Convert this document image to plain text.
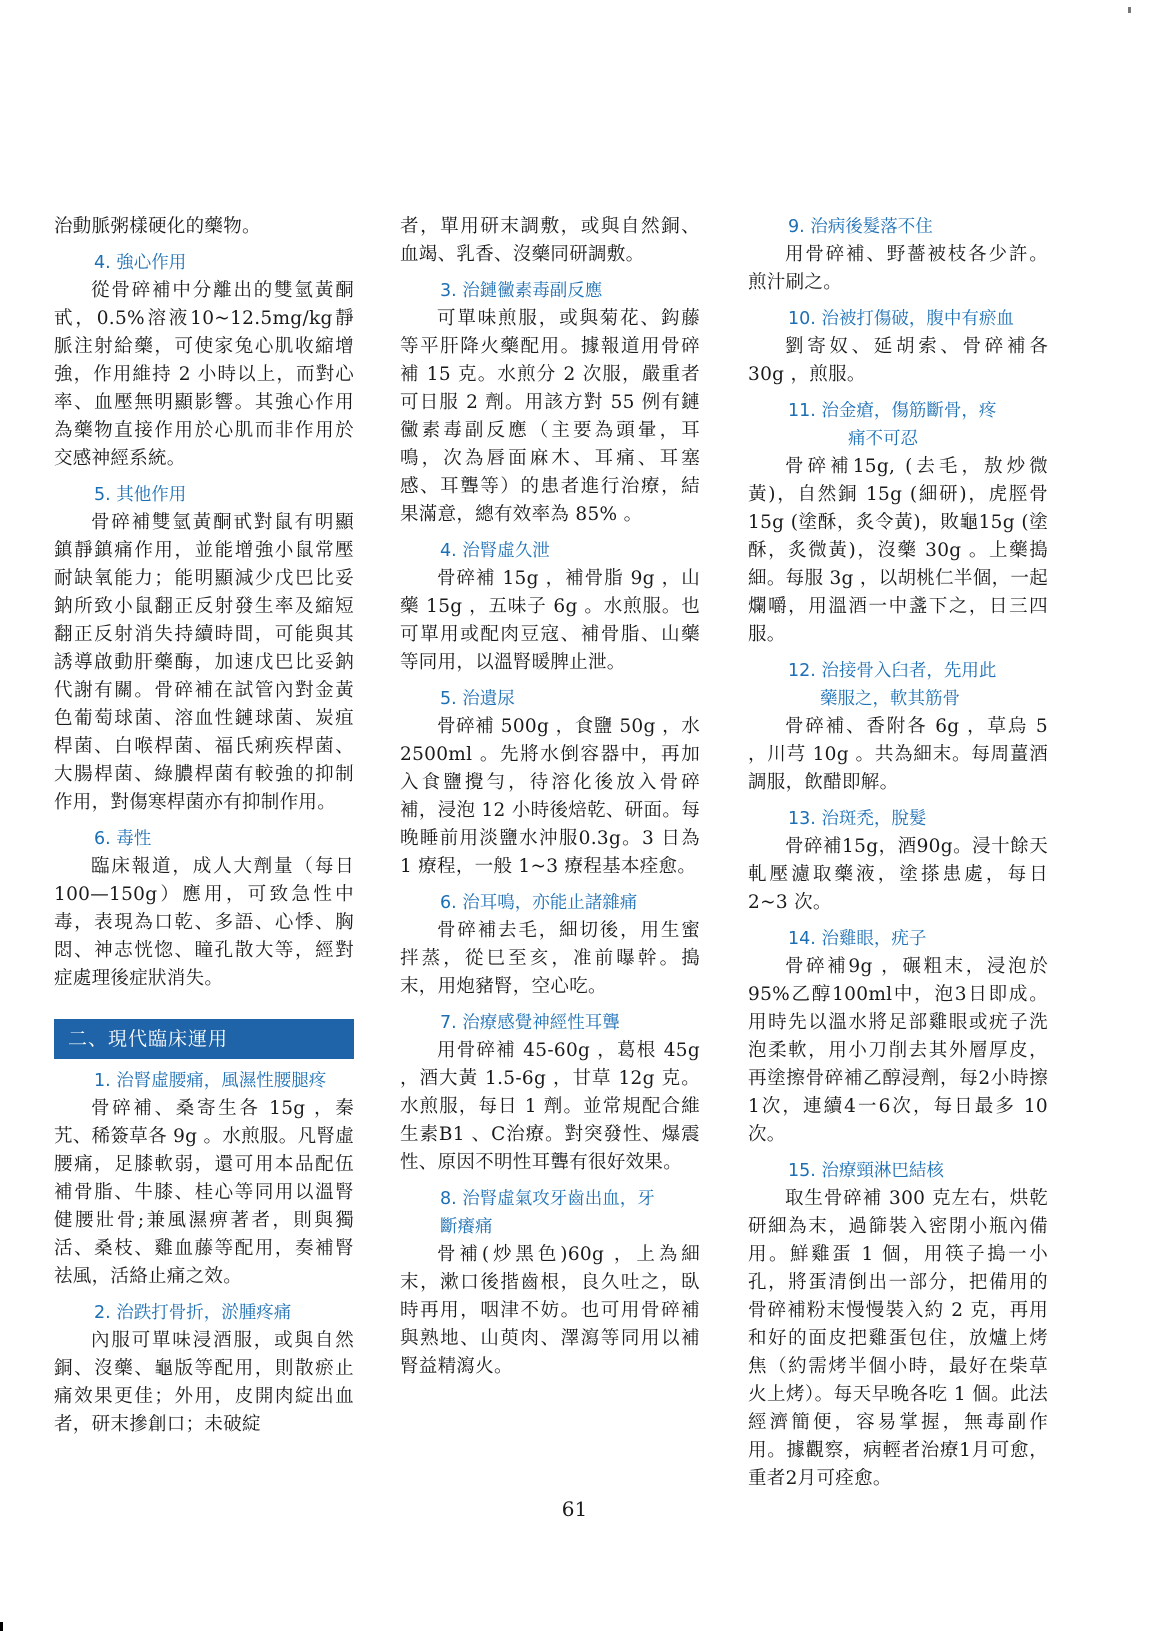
治動脈粥樣硬化的藥物。

4. 強心作用

從骨碎補中分離出的雙氫黃酮甙，0.5%溶液10~12.5mg/kg靜脈注射給藥，可使家兔心肌收縮增強，作用維持 2 小時以上，而對心率、血壓無明顯影響。其強心作用為藥物直接作用於心肌而非作用於交感神經系統。

5. 其他作用

骨碎補雙氫黃酮甙對鼠有明顯鎮靜鎮痛作用，並能增強小鼠常壓耐缺氧能力；能明顯減少戊巴比妥鈉所致小鼠翻正反射發生率及縮短翻正反射消失持續時間，可能與其誘導啟動肝藥酶，加速戊巴比妥鈉代謝有關。骨碎補在試管內對金黃色葡萄球菌、溶血性鏈球菌、炭疽桿菌、白喉桿菌、福氏痢疾桿菌、大腸桿菌、綠膿桿菌有較強的抑制作用，對傷寒桿菌亦有抑制作用。

6. 毒性

臨床報道，成人大劑量（每日100—150g）應用，可致急性中毒，表現為口乾、多語、心悸、胸悶、神志恍惚、瞳孔散大等，經對症處理後症狀消失。

二、現代臨床運用
1. 治腎虛腰痛，風濕性腰腿疼

骨碎補、桑寄生各 15g ，秦艽、稀簽草各 9g 。水煎服。凡腎虛腰痛，足膝軟弱，還可用本品配伍補骨脂、牛膝、桂心等同用以溫腎健腰壯骨;兼風濕痹著者，則與獨活、桑枝、雞血藤等配用，奏補腎祛風，活絡止痛之效。

2. 治跌打骨折，淤腫疼痛

內服可單味浸酒服，或與自然銅、沒藥、龜版等配用，則散瘀止痛效果更佳；外用，皮開肉綻出血者，研末摻創口；未破綻

者，單用研末調敷，或與自然銅、血竭、乳香、沒藥同研調敷。

3. 治鏈黴素毒副反應

可單味煎服，或與菊花、鈎藤等平肝降火藥配用。據報道用骨碎補 15 克。水煎分 2 次服，嚴重者可日服 2 劑。用該方對 55 例有鏈黴素毒副反應（主要為頭暈，耳鳴，次為唇面麻木、耳痛、耳塞感、耳聾等）的患者進行治療，結果滿意，總有效率為 85% 。

4. 治腎虛久泄

骨碎補 15g ，補骨脂 9g ，山藥 15g ，五味子 6g 。水煎服。也可單用或配肉豆寇、補骨脂、山藥等同用，以溫腎暖脾止泄。

5. 治遺尿

骨碎補 500g ，食鹽 50g ，水 2500ml 。先將水倒容器中，再加入食鹽攪勻，待溶化後放入骨碎補，浸泡 12 小時後焙乾、研面。每晚睡前用淡鹽水沖服0.3g。3 日為 1 療程，一般 1~3 療程基本痊愈。

6. 治耳鳴，亦能止諸雜痛

骨碎補去毛，細切後，用生蜜拌蒸，從巳至亥，准前曝幹。搗末，用炮豬腎，空心吃。

7. 治療感覺神經性耳聾

用骨碎補 45-60g ，葛根 45g ，酒大黃 1.5-6g ，甘草 12g 克。水煎服，每日 1 劑。並常規配合維生素B1 、C治療。對突發性、爆震性、原因不明性耳聾有很好效果。

8. 治腎虛氣攻牙齒出血，牙
斷癢痛

骨補(炒黑色)60g ，上為細末，漱口後揩齒根，良久吐之，臥時再用，咽津不妨。也可用骨碎補與熟地、山萸肉、澤瀉等同用以補腎益精瀉火。

9. 治病後髮落不住

用骨碎補、野薔被枝各少許。煎汁刷之。

10. 治被打傷破，腹中有瘀血

劉寄奴、延胡索、骨碎補各 30g ，煎服。

11. 治金瘡，傷筋斷骨，疼
痛不可忍

骨碎補15g, (去毛，敖炒微黃)，自然銅 15g (細研)，虎脛骨 15g (塗酥，炙令黃)，敗龜15g (塗酥，炙微黃)，沒藥 30g 。上藥搗細。每服 3g ，以胡桃仁半個，一起爛嚼，用溫酒一中盞下之，日三四服。

12. 治接骨入臼者，先用此
藥服之，軟其筋骨

骨碎補、香附各 6g ，草烏 5 ，川芎 10g 。共為細末。每周薑酒調服，飲醋即解。

13. 治斑禿，脫髮

骨碎補15g，酒90g。浸十餘天軋壓濾取藥液，塗搽患處，每日 2~3 次。

14. 治雞眼，疣子

骨碎補9g ，碾粗末，浸泡於95%乙醇100ml中，泡3日即成。用時先以溫水將足部雞眼或疣子洗泡柔軟，用小刀削去其外層厚皮，再塗擦骨碎補乙醇浸劑，每2小時擦1次，連續4一6次，每日最多 10 次。

15. 治療頸淋巴結核

取生骨碎補 300 克左右，烘乾研細為末，過篩裝入密閉小瓶內備用。鮮雞蛋 1 個，用筷子搗一小孔，將蛋清倒出一部分，把備用的骨碎補粉末慢慢裝入約 2 克，再用和好的面皮把雞蛋包住，放爐上烤焦（約需烤半個小時，最好在柴草火上烤）。每天早晚各吃 1 個。此法經濟簡便，容易掌握，無毒副作用。據觀察，病輕者治療1月可愈，重者2月可痊愈。

61
